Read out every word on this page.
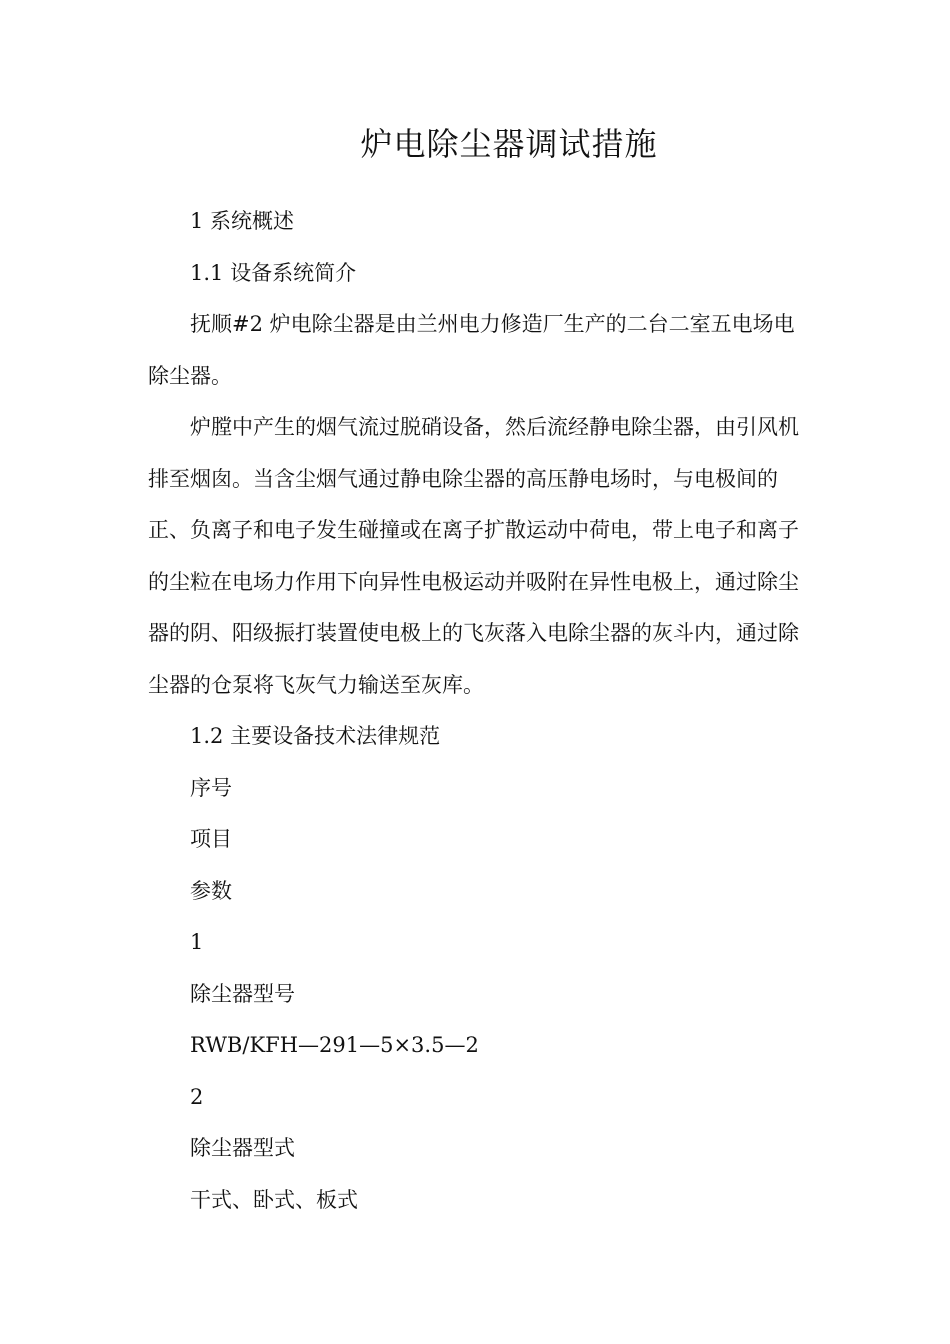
炉电除尘器调试措施

1 系统概述

1.1 设备系统简介

抚顺#2 炉电除尘器是由兰州电力修造厂生产的二台二室五电场电除尘器。

炉膛中产生的烟气流过脱硝设备，然后流经静电除尘器，由引风机排至烟囱。当含尘烟气通过静电除尘器的高压静电场时，与电极间的正、负离子和电子发生碰撞或在离子扩散运动中荷电，带上电子和离子的尘粒在电场力作用下向异性电极运动并吸附在异性电极上，通过除尘器的阴、阳级振打装置使电极上的飞灰落入电除尘器的灰斗内，通过除尘器的仓泵将飞灰气力输送至灰库。

1.2 主要设备技术法律规范

序号

项目

参数

1

除尘器型号

RWB/KFH—291—5×3.5—2

2

除尘器型式

干式、卧式、板式
